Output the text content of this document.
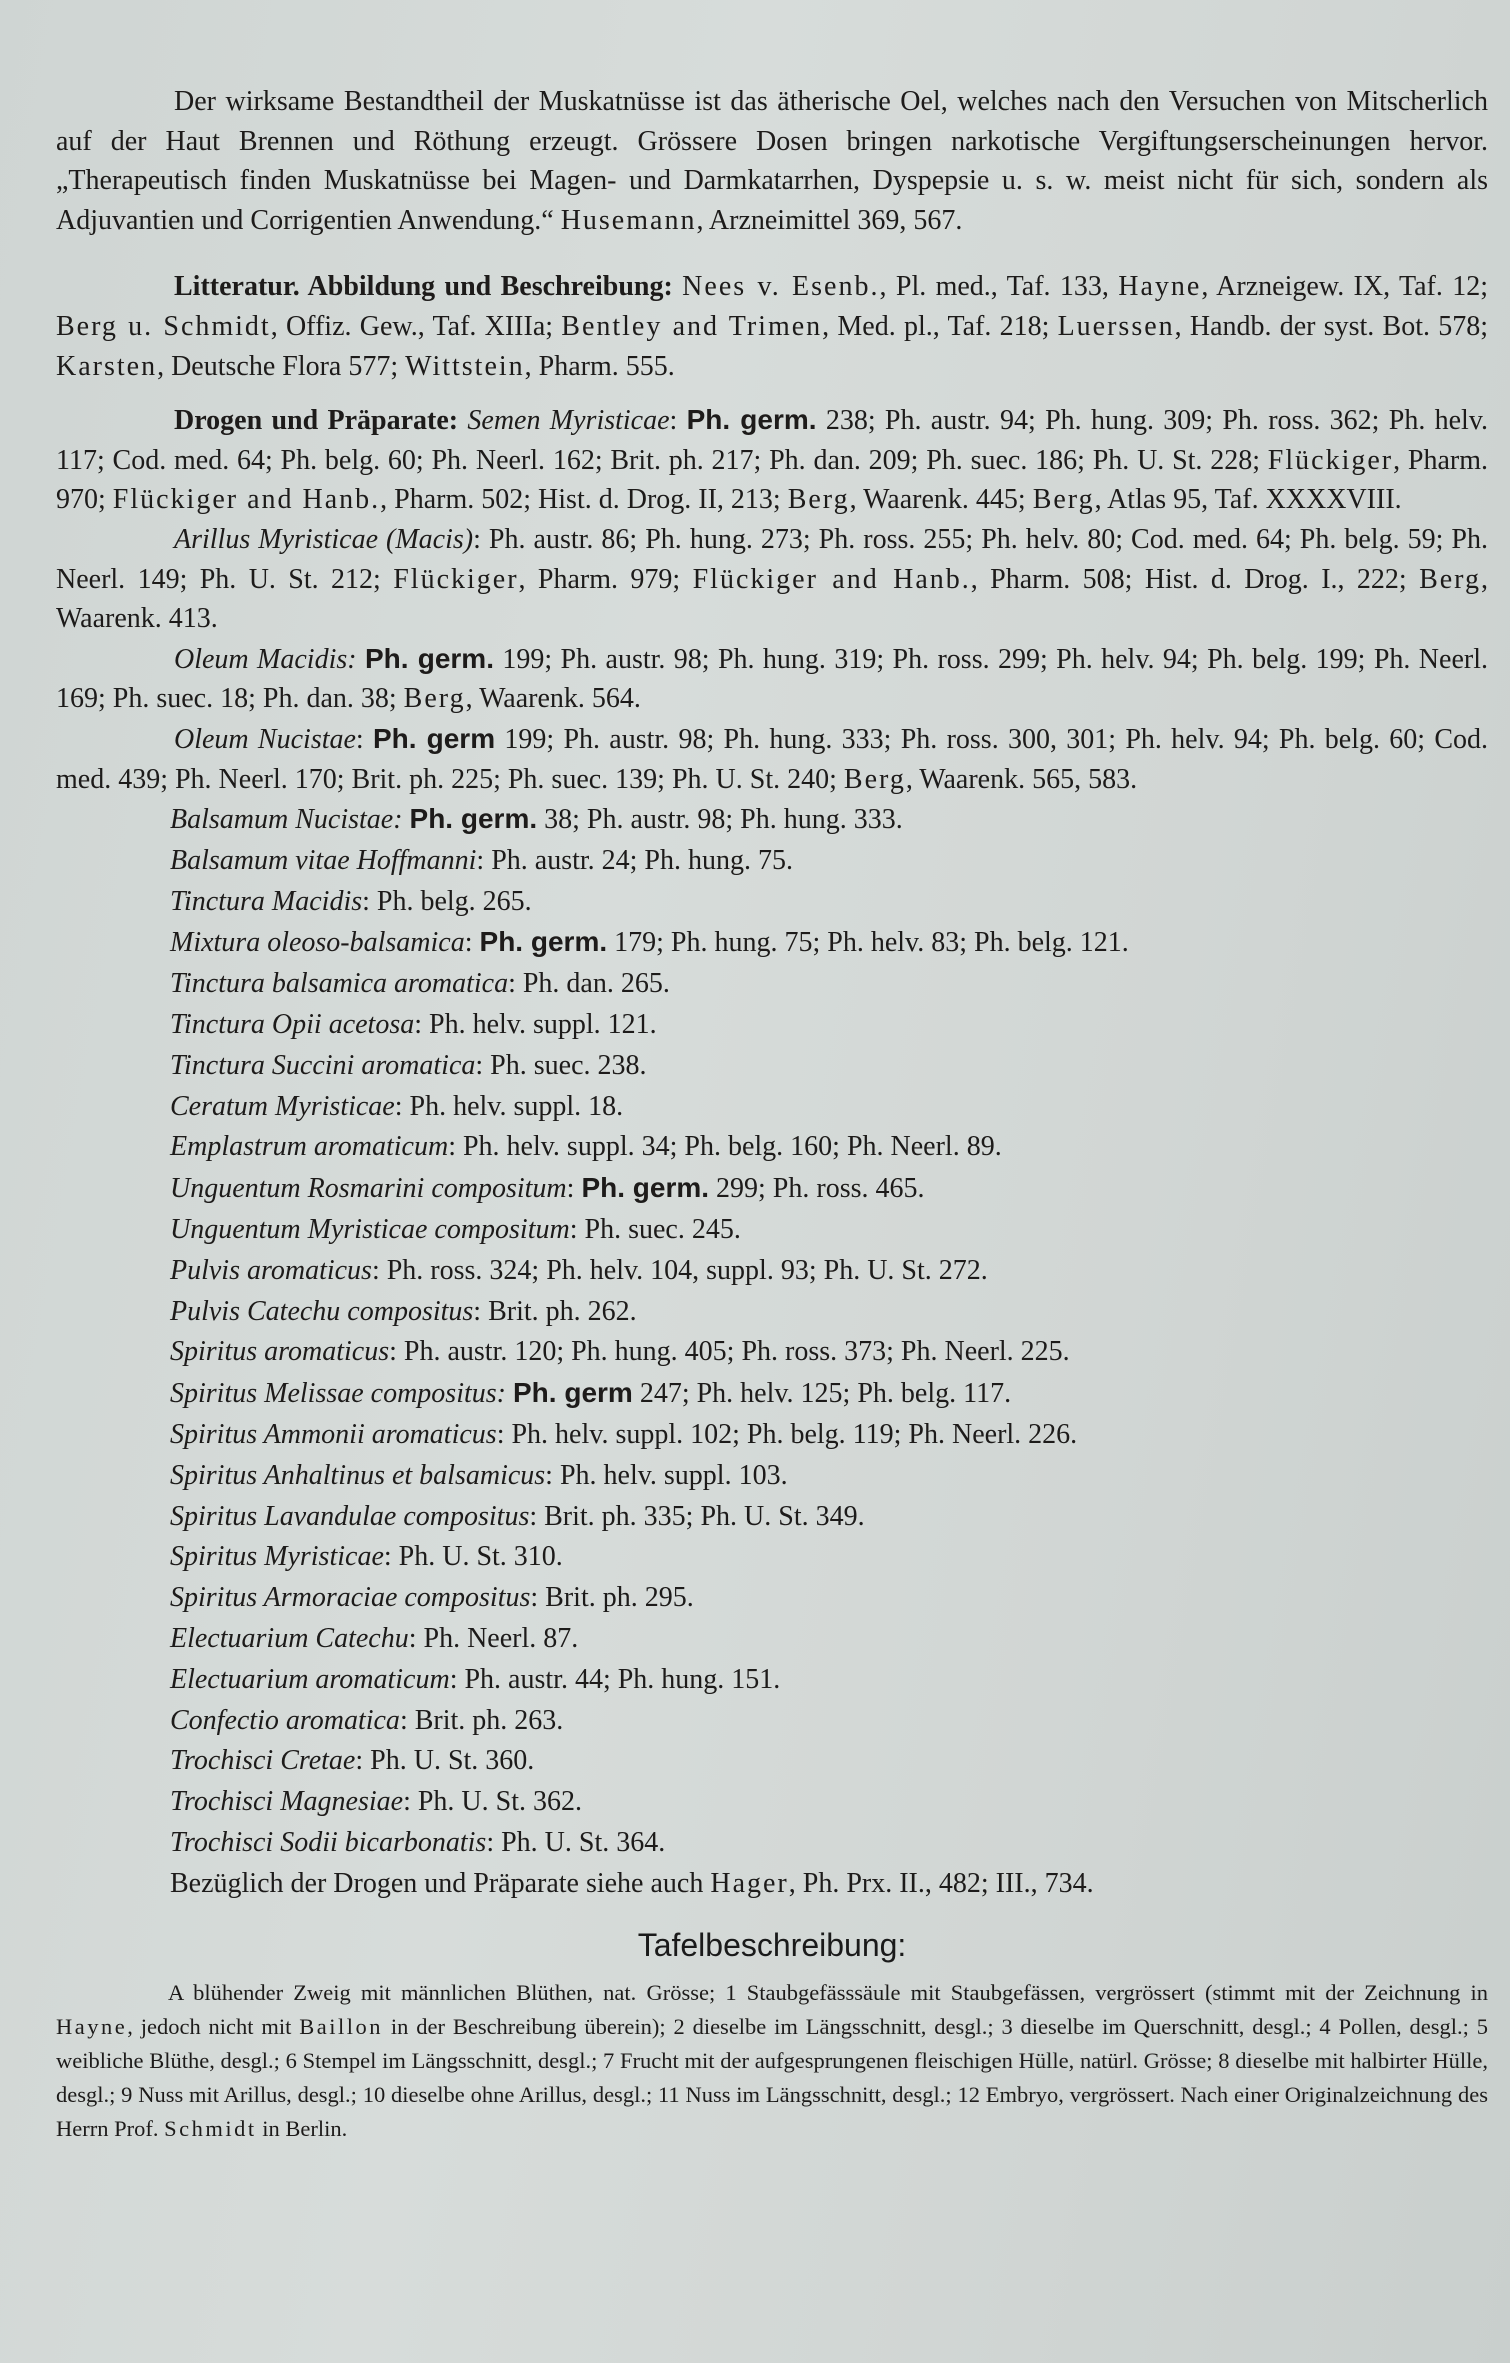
Der wirksame Bestandtheil der Muskatnüsse ist das ätherische Oel, welches nach den Versuchen von Mitscherlich auf der Haut Brennen und Röthung erzeugt. Grössere Dosen bringen narkotische Vergiftungserscheinungen hervor. „Therapeutisch finden Muskatnüsse bei Magen- und Darmkatarrhen, Dyspepsie u. s. w. meist nicht für sich, sondern als Adjuvantien und Corrigentien Anwendung.“ Husemann, Arzneimittel 369, 567.

Litteratur. Abbildung und Beschreibung: Nees v. Esenb., Pl. med., Taf. 133, Hayne, Arzneigew. IX, Taf. 12; Berg u. Schmidt, Offiz. Gew., Taf. XIIIa; Bentley and Trimen, Med. pl., Taf. 218; Luerssen, Handb. der syst. Bot. 578; Karsten, Deutsche Flora 577; Wittstein, Pharm. 555.

Drogen und Präparate: Semen Myristicae: Ph. germ. 238; Ph. austr. 94; Ph. hung. 309; Ph. ross. 362; Ph. helv. 117; Cod. med. 64; Ph. belg. 60; Ph. Neerl. 162; Brit. ph. 217; Ph. dan. 209; Ph. suec. 186; Ph. U. St. 228; Flückiger, Pharm. 970; Flückiger and Hanb., Pharm. 502; Hist. d. Drog. II, 213; Berg, Waarenk. 445; Berg, Atlas 95, Taf. XXXXVIII.

Arillus Myristicae (Macis): Ph. austr. 86; Ph. hung. 273; Ph. ross. 255; Ph. helv. 80; Cod. med. 64; Ph. belg. 59; Ph. Neerl. 149; Ph. U. St. 212; Flückiger, Pharm. 979; Flückiger and Hanb., Pharm. 508; Hist. d. Drog. I., 222; Berg, Waarenk. 413.

Oleum Macidis: Ph. germ. 199; Ph. austr. 98; Ph. hung. 319; Ph. ross. 299; Ph. helv. 94; Ph. belg. 199; Ph. Neerl. 169; Ph. suec. 18; Ph. dan. 38; Berg, Waarenk. 564.

Oleum Nucistae: Ph. germ 199; Ph. austr. 98; Ph. hung. 333; Ph. ross. 300, 301; Ph. helv. 94; Ph. belg. 60; Cod. med. 439; Ph. Neerl. 170; Brit. ph. 225; Ph. suec. 139; Ph. U. St. 240; Berg, Waarenk. 565, 583.

Balsamum Nucistae: Ph. germ. 38; Ph. austr. 98; Ph. hung. 333.
Balsamum vitae Hoffmanni: Ph. austr. 24; Ph. hung. 75.
Tinctura Macidis: Ph. belg. 265.
Mixtura oleoso-balsamica: Ph. germ. 179; Ph. hung. 75; Ph. helv. 83; Ph. belg. 121.
Tinctura balsamica aromatica: Ph. dan. 265.
Tinctura Opii acetosa: Ph. helv. suppl. 121.
Tinctura Succini aromatica: Ph. suec. 238.
Ceratum Myristicae: Ph. helv. suppl. 18.
Emplastrum aromaticum: Ph. helv. suppl. 34; Ph. belg. 160; Ph. Neerl. 89.
Unguentum Rosmarini compositum: Ph. germ. 299; Ph. ross. 465.
Unguentum Myristicae compositum: Ph. suec. 245.
Pulvis aromaticus: Ph. ross. 324; Ph. helv. 104, suppl. 93; Ph. U. St. 272.
Pulvis Catechu compositus: Brit. ph. 262.
Spiritus aromaticus: Ph. austr. 120; Ph. hung. 405; Ph. ross. 373; Ph. Neerl. 225.
Spiritus Melissae compositus: Ph. germ 247; Ph. helv. 125; Ph. belg. 117.
Spiritus Ammonii aromaticus: Ph. helv. suppl. 102; Ph. belg. 119; Ph. Neerl. 226.
Spiritus Anhaltinus et balsamicus: Ph. helv. suppl. 103.
Spiritus Lavandulae compositus: Brit. ph. 335; Ph. U. St. 349.
Spiritus Myristicae: Ph. U. St. 310.
Spiritus Armoraciae compositus: Brit. ph. 295.
Electuarium Catechu: Ph. Neerl. 87.
Electuarium aromaticum: Ph. austr. 44; Ph. hung. 151.
Confectio aromatica: Brit. ph. 263.
Trochisci Cretae: Ph. U. St. 360.
Trochisci Magnesiae: Ph. U. St. 362.
Trochisci Sodii bicarbonatis: Ph. U. St. 364.
Bezüglich der Drogen und Präparate siehe auch Hager, Ph. Prx. II., 482; III., 734.
Tafelbeschreibung:

A blühender Zweig mit männlichen Blüthen, nat. Grösse; 1 Staubgefässsäule mit Staubgefässen, vergrössert (stimmt mit der Zeichnung in Hayne, jedoch nicht mit Baillon in der Beschreibung überein); 2 dieselbe im Längsschnitt, desgl.; 3 dieselbe im Querschnitt, desgl.; 4 Pollen, desgl.; 5 weibliche Blüthe, desgl.; 6 Stempel im Längsschnitt, desgl.; 7 Frucht mit der aufgesprungenen fleischigen Hülle, natürl. Grösse; 8 dieselbe mit halbirter Hülle, desgl.; 9 Nuss mit Arillus, desgl.; 10 dieselbe ohne Arillus, desgl.; 11 Nuss im Längsschnitt, desgl.; 12 Embryo, vergrössert. Nach einer Originalzeichnung des Herrn Prof. Schmidt in Berlin.
